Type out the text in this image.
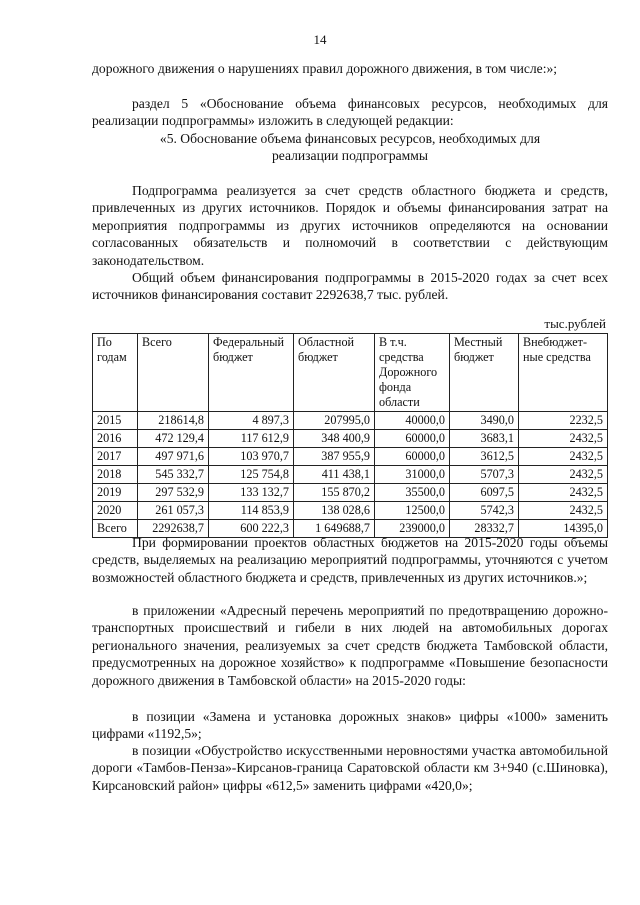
14

дорожного движения о нарушениях правил дорожного движения, в том числе:»;

раздел 5 «Обоснование объема финансовых ресурсов, необходимых для реализации подпрограммы» изложить в следующей редакции:

«5. Обоснование объема финансовых ресурсов, необходимых для реализации подпрограммы

Подпрограмма реализуется за счет средств областного бюджета и средств, привлеченных из других источников. Порядок и объемы финансирования затрат на мероприятия подпрограммы из других источников определяются на основании согласованных обязательств и полномочий в соответствии с действующим законодательством.

Общий объем финансирования подпрограммы в 2015-2020 годах за счет всех источников финансирования составит 2292638,7 тыс. рублей.

тыс.рублей
По годам	Всего	Федеральный бюджет	Областной бюджет	В т.ч. средства Дорожного фонда области	Местный бюджет	Внебюджет-ные средства
2015	218614,8	4 897,3	207995,0	40000,0	3490,0	2232,5
2016	472 129,4	117 612,9	348 400,9	60000,0	3683,1	2432,5
2017	497 971,6	103 970,7	387 955,9	60000,0	3612,5	2432,5
2018	545 332,7	125 754,8	411 438,1	31000,0	5707,3	2432,5
2019	297 532,9	133 132,7	155 870,2	35500,0	6097,5	2432,5
2020	261 057,3	114 853,9	138 028,6	12500,0	5742,3	2432,5
Всего	2292638,7	600 222,3	1 649688,7	239000,0	28332,7	14395,0

При формировании проектов областных бюджетов на 2015-2020 годы объемы средств, выделяемых на реализацию мероприятий подпрограммы, уточняются с учетом возможностей областного бюджета и средств, привлеченных из других источников.»;

в приложении «Адресный перечень мероприятий по предотвращению дорожно-транспортных происшествий и гибели в них людей на автомобильных дорогах регионального значения, реализуемых за счет средств бюджета Тамбовской области, предусмотренных на дорожное хозяйство» к подпрограмме «Повышение безопасности дорожного движения в Тамбовской области» на 2015-2020 годы:

в позиции «Замена и установка дорожных знаков» цифры «1000» заменить цифрами «1192,5»;

в позиции «Обустройство искусственными неровностями участка автомобильной дороги «Тамбов-Пенза»-Кирсанов-граница Саратовской области км 3+940 (с.Шиновка), Кирсановский район» цифры «612,5» заменить цифрами «420,0»;
